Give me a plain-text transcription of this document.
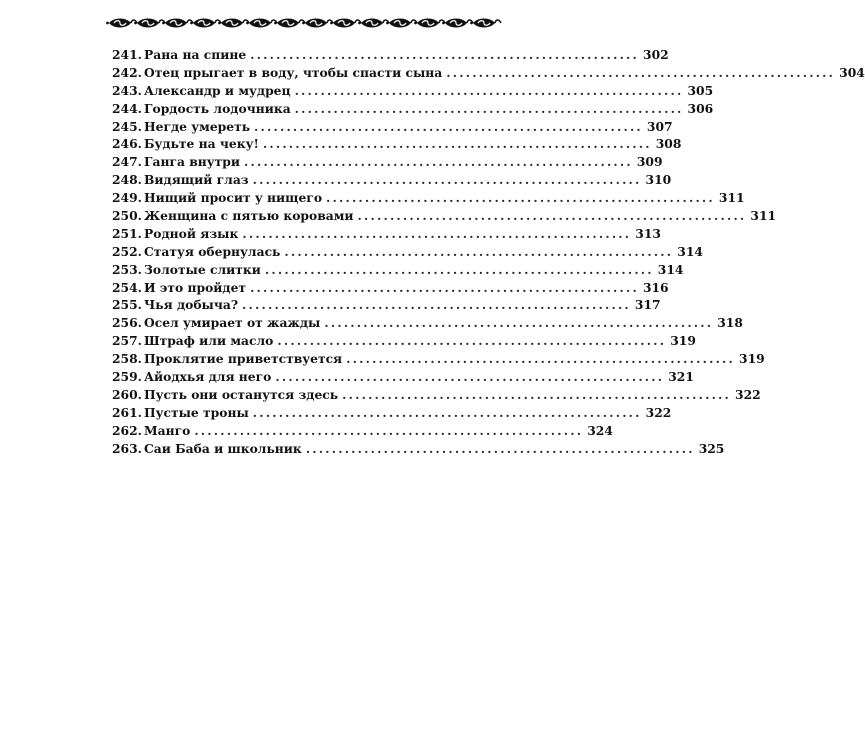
241. Рана на спине ............................................................ 302
242. Отец прыгает в воду, чтобы спасти сына ............................................................ 304
243. Александр и мудрец ............................................................ 305
244. Гордость лодочника ............................................................ 306
245. Негде умереть ............................................................ 307
246. Будьте на чеку! ............................................................ 308
247. Ганга внутри ............................................................ 309
248. Видящий глаз ............................................................ 310
249. Нищий просит у нищего ............................................................ 311
250. Женщина с пятью коровами ............................................................ 311
251. Родной язык ............................................................ 313
252. Статуя обернулась ............................................................ 314
253. Золотые слитки ............................................................ 314
254. И это пройдет ............................................................ 316
255. Чья добыча? ............................................................ 317
256. Осел умирает от жажды ............................................................ 318
257. Штраф или масло ............................................................ 319
258. Проклятие приветствуется ............................................................ 319
259. Айодхья для него ............................................................ 321
260. Пусть они останутся здесь ............................................................ 322
261. Пустые троны ............................................................ 322
262. Манго ............................................................ 324
263. Саи Баба и школьник ............................................................ 325
